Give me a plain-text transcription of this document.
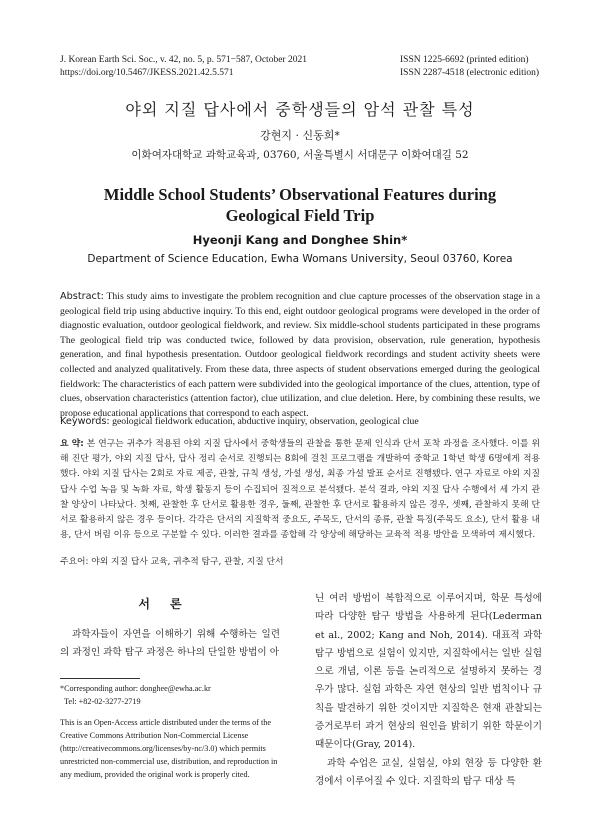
J. Korean Earth Sci. Soc., v. 42, no. 5, p. 571−587, October 2021
https://doi.org/10.5467/JKESS.2021.42.5.571
ISSN 1225-6692 (printed edition)
ISSN 2287-4518 (electronic edition)
야외 지질 답사에서 중학생들의 암석 관찰 특성
강현지 · 신동희*
이화여자대학교 과학교육과, 03760, 서울특별시 서대문구 이화여대길 52
Middle School Students’ Observational Features during
Geological Field Trip
Hyeonji Kang and Donghee Shin*
Department of Science Education, Ewha Womans University, Seoul 03760, Korea
Abstract: This study aims to investigate the problem recognition and clue capture processes of the observation stage in a geological field trip using abductive inquiry. To this end, eight outdoor geological programs were developed in the order of diagnostic evaluation, outdoor geological fieldwork, and review. Six middle-school students participated in these programs The geological field trip was conducted twice, followed by data provision, observation, rule generation, hypothesis generation, and final hypothesis presentation. Outdoor geological fieldwork recordings and student activity sheets were collected and analyzed qualitatively. From these data, three aspects of student observations emerged during the geological fieldwork: The characteristics of each pattern were subdivided into the geological importance of the clues, attention, type of clues, observation characteristics (attention factor), clue utilization, and clue deletion. Here, by combining these results, we propose educational applications that correspond to each aspect.
Keywords: geological fieldwork education, abductive inquiry, observation, geological clue
요 약: 본 연구는 귀추가 적용된 야외 지질 답사에서 중학생들의 관찰을 통한 문제 인식과 단서 포착 과정을 조사했다. 이를 위해 진단 평가, 야외 지질 답사, 답사 정리 순서로 진행되는 8회에 걸친 프로그램을 개발하여 중학교 1학년 학생 6명에게 적용했다. 야외 지질 답사는 2회로 자료 제공, 관찰, 규칙 생성, 가설 생성, 최종 가설 발표 순서로 진행됐다. 연구 자료로 야외 지질 답사 수업 녹음 및 녹화 자료, 학생 활동지 등이 수집되어 질적으로 분석됐다. 분석 결과, 야외 지질 답사 수행에서 세 가지 관찰 양상이 나타났다. 첫째, 관찰한 후 단서로 활용한 경우, 둘째, 관찰한 후 단서로 활용하지 않은 경우, 셋째, 관찰하지 못해 단서로 활용하지 않은 경우 등이다. 각각은 단서의 지질학적 중요도, 주목도, 단서의 종류, 관찰 특징(주목도 요소), 단서 활용 내용, 단서 버림 이유 등으로 구분할 수 있다. 이러한 결과를 종합해 각 양상에 해당하는 교육적 적용 방안을 모색하여 제시했다.
주요어: 야외 지질 답사 교육, 귀추적 탐구, 관찰, 지질 단서
서론
과학자들이 자연을 이해하기 위해 수행하는 일련의 과정인 과학 탐구 과정은 하나의 단일한 방법이 아
*Corresponding author: donghee@ewha.ac.kr
Tel: +82-02-3277-2719
This is an Open-Access article distributed under the terms of the Creative Commons Attribution Non-Commercial License (http://creativecommons.org/licenses/by-nc/3.0) which permits unrestricted non-commercial use, distribution, and reproduction in any medium, provided the original work is properly cited.
닌 여러 방법이 복합적으로 이루어지며, 학문 특성에 따라 다양한 탐구 방법을 사용하게 된다(Lederman et al., 2002; Kang and Noh, 2014). 대표적 과학 탐구 방법으로 실험이 있지만, 지질학에서는 일반 실험으로 개념, 이론 등을 논리적으로 설명하지 못하는 경우가 많다. 실험 과학은 자연 현상의 일반 법칙이나 규칙을 발견하기 위한 것이지만 지질학은 현재 관찰되는 증거로부터 과거 현상의 원인을 밝히기 위한 학문이기 때문이다(Gray, 2014).
과학 수업은 교실, 실험실, 야외 현장 등 다양한 환경에서 이루어질 수 있다. 지질학의 탐구 대상 특
